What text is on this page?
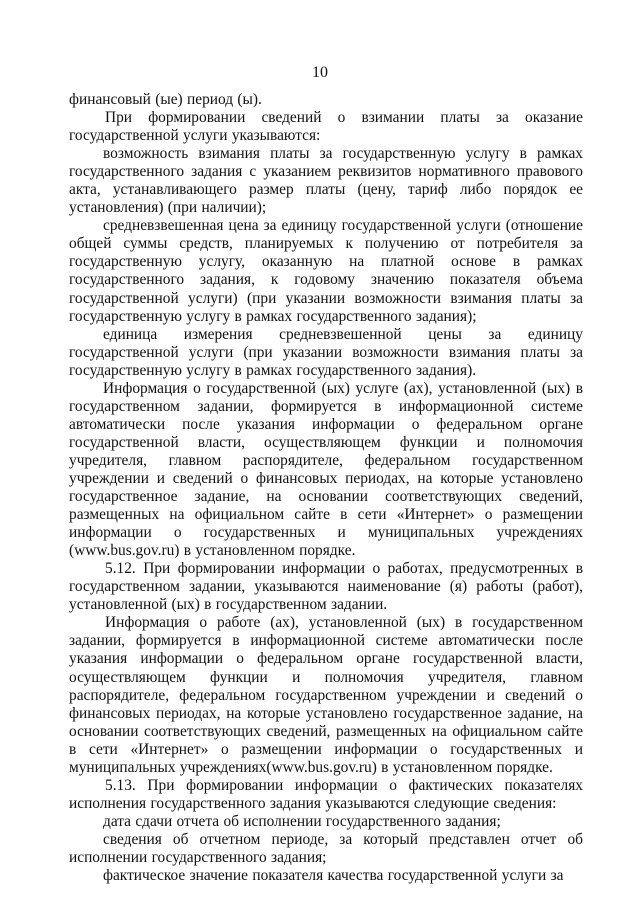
10

финансовый (ые) период (ы).

При формировании сведений о взимании платы за оказание государственной услуги указываются:

возможность взимания платы за государственную услугу в рамках государственного задания с указанием реквизитов нормативного правового акта, устанавливающего размер платы (цену, тариф либо порядок ее установления) (при наличии);

средневзвешенная цена за единицу государственной услуги (отношение общей суммы средств, планируемых к получению от потребителя за государственную услугу, оказанную на платной основе в рамках государственного задания, к годовому значению показателя объема государственной услуги) (при указании возможности взимания платы за государственную услугу в рамках государственного задания);

единица измерения средневзвешенной цены за единицу государственной услуги (при указании возможности взимания платы за государственную услугу в рамках государственного задания).

Информация о государственной (ых) услуге (ах), установленной (ых) в государственном задании, формируется в информационной системе автоматически после указания информации о федеральном органе государственной власти, осуществляющем функции и полномочия учредителя, главном распорядителе, федеральном государственном учреждении и сведений о финансовых периодах, на которые установлено государственное задание, на основании соответствующих сведений, размещенных на официальном сайте в сети «Интернет» о размещении информации о государственных и муниципальных учреждениях (www.bus.gov.ru) в установленном порядке.

5.12. При формировании информации о работах, предусмотренных в государственном задании, указываются наименование (я) работы (работ), установленной (ых) в государственном задании.

Информация о работе (ах), установленной (ых) в государственном задании, формируется в информационной системе автоматически после указания информации о федеральном органе государственной власти, осуществляющем функции и полномочия учредителя, главном распорядителе, федеральном государственном учреждении и сведений о финансовых периодах, на которые установлено государственное задание, на основании соответствующих сведений, размещенных на официальном сайте в сети «Интернет» о размещении информации о государственных и муниципальных учреждениях(www.bus.gov.ru) в установленном порядке.

5.13. При формировании информации о фактических показателях исполнения государственного задания указываются следующие сведения:

дата сдачи отчета об исполнении государственного задания;

сведения об отчетном периоде, за который представлен отчет об исполнении государственного задания;

фактическое значение показателя качества государственной услуги за
